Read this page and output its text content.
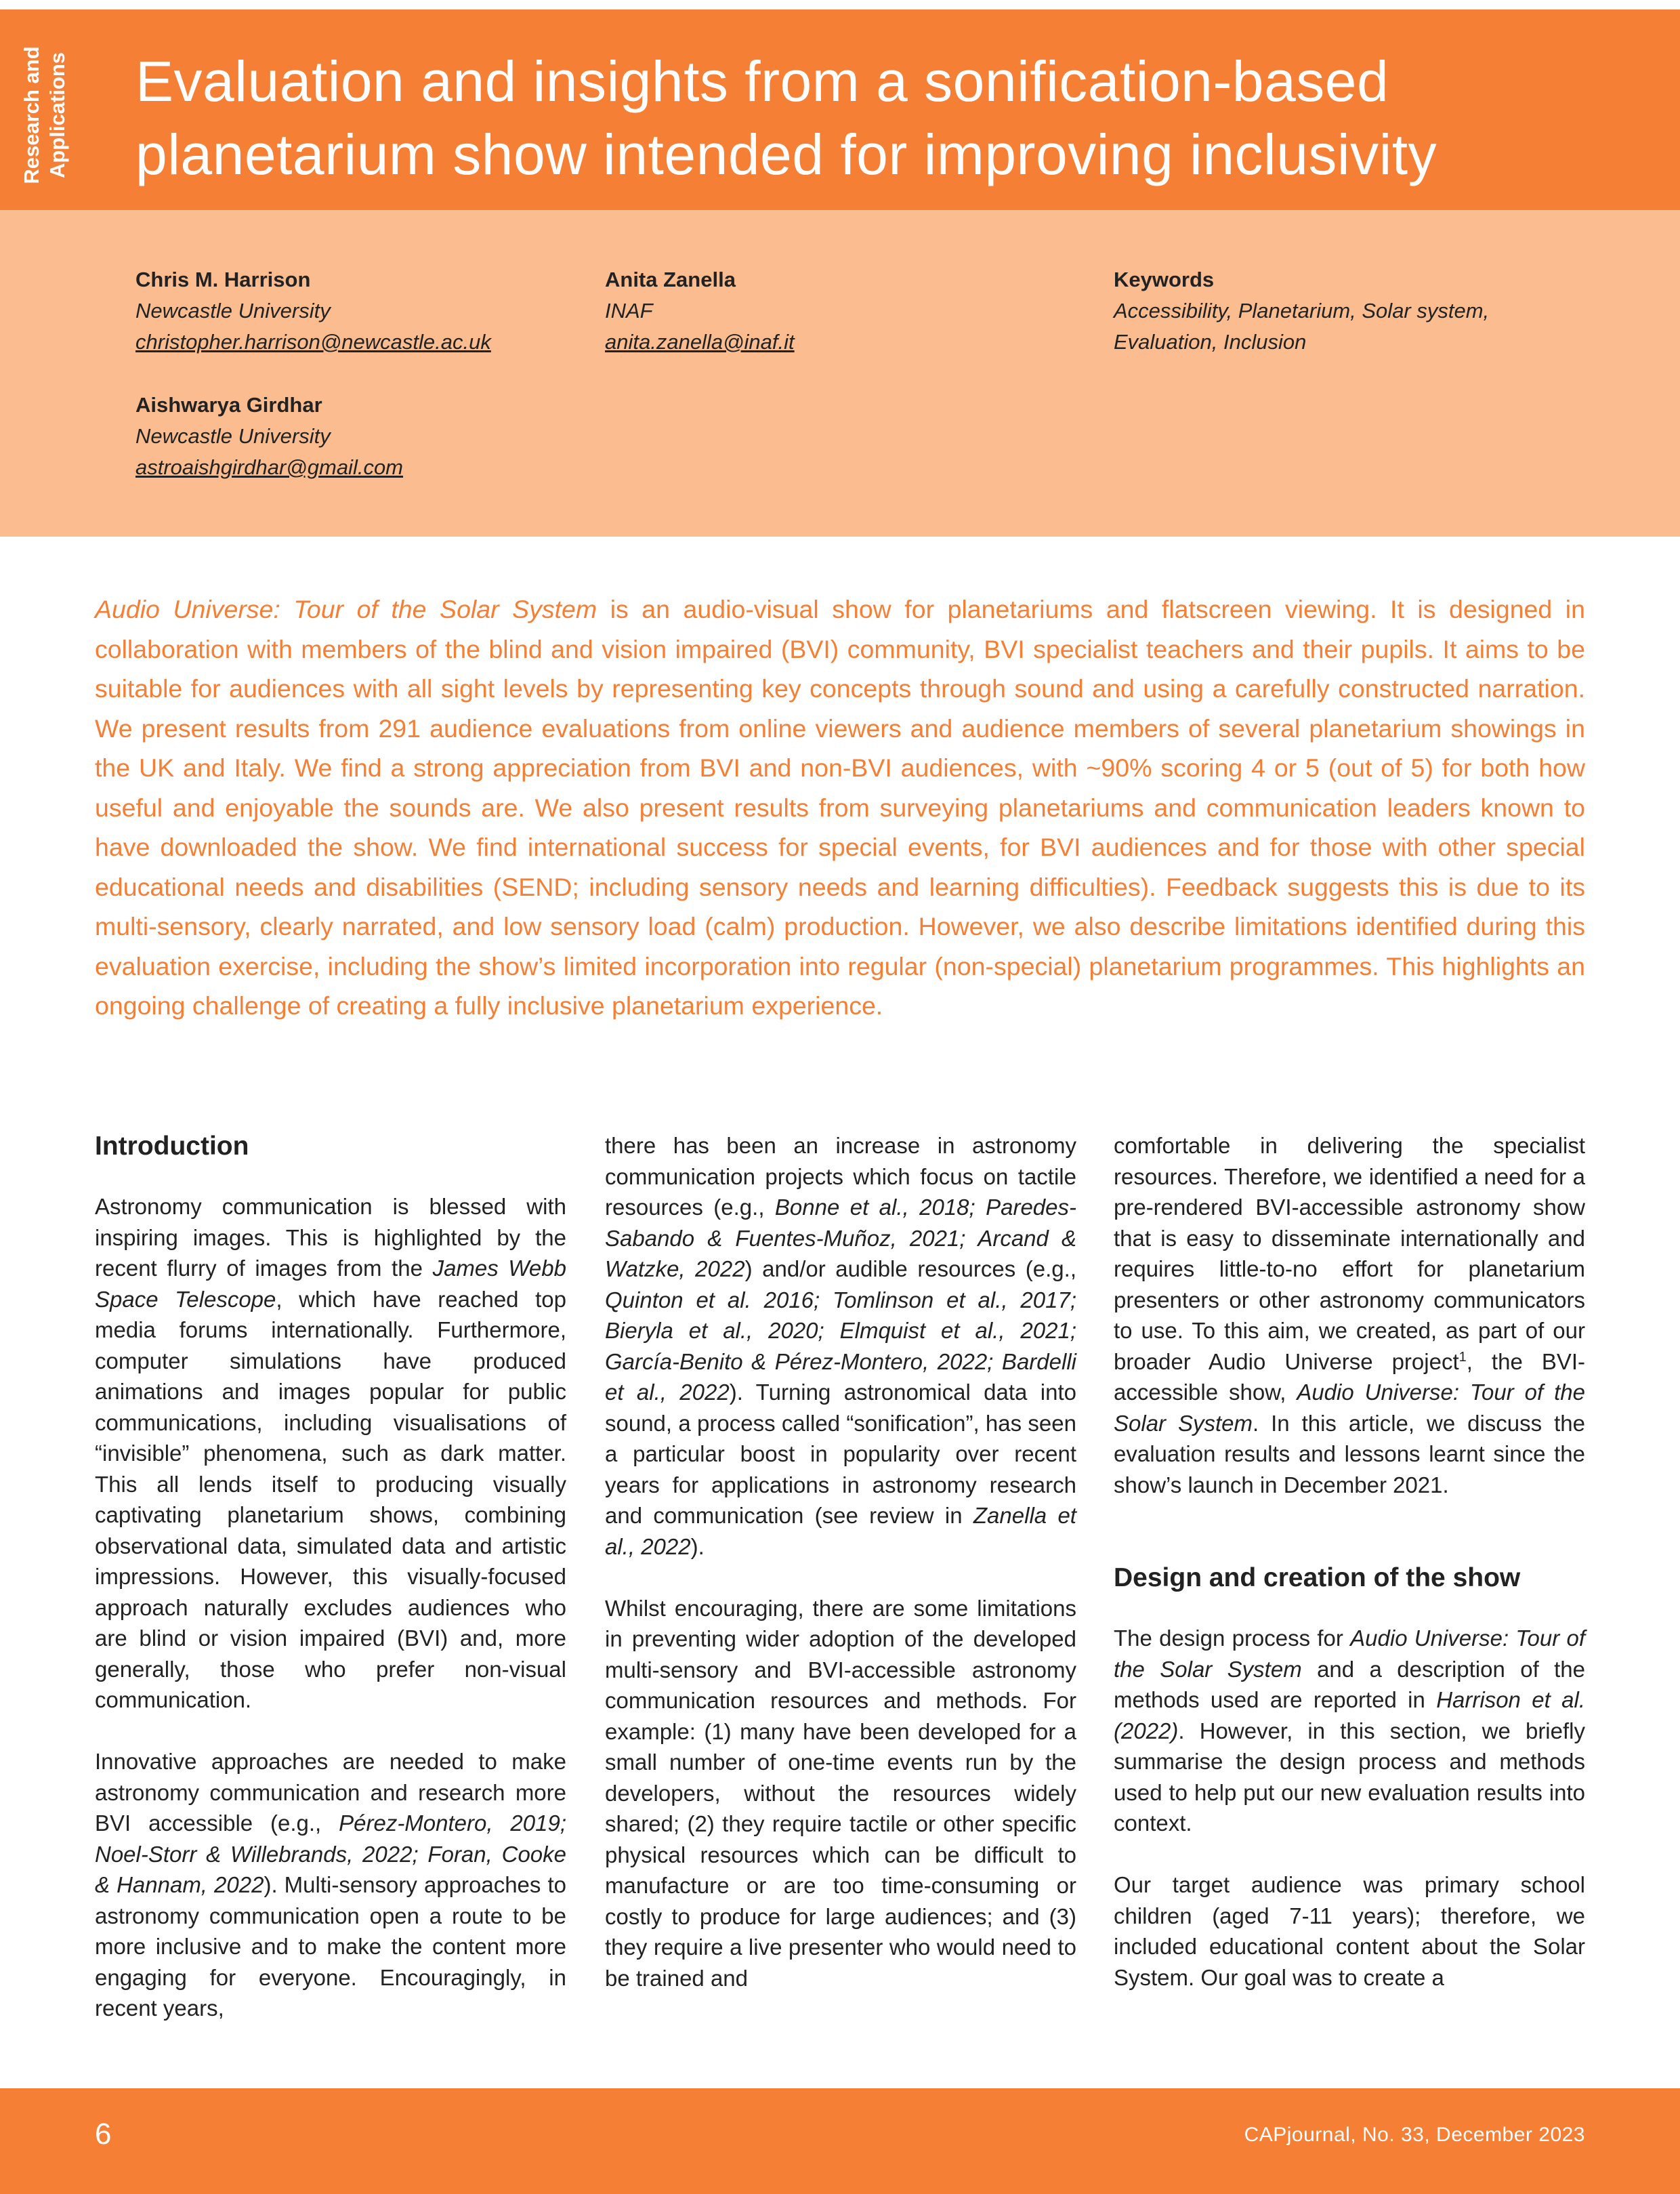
Research and
Applications	Evaluation and insights from a sonification-based planetarium show intended for improving inclusivity
Chris M. Harrison
Newcastle University
christopher.harrison@newcastle.ac.uk
Anita Zanella
INAF
anita.zanella@inaf.it
Keywords
Accessibility, Planetarium, Solar system,
Evaluation, Inclusion
Aishwarya Girdhar
Newcastle University
astroaishgirdhar@gmail.com

Audio Universe: Tour of the Solar System is an audio-visual show for planetariums and flatscreen viewing. It is designed in collaboration with members of the blind and vision impaired (BVI) community, BVI specialist teachers and their pupils. It aims to be suitable for audiences with all sight levels by representing key concepts through sound and using a carefully constructed narration. We present results from 291 audience evaluations from online viewers and audience members of several planetarium showings in the UK and Italy. We find a strong appreciation from BVI and non-BVI audiences, with ~90% scoring 4 or 5 (out of 5) for both how useful and enjoyable the sounds are. We also present results from surveying planetariums and communication leaders known to have downloaded the show. We find international success for special events, for BVI audiences and for those with other special educational needs and disabilities (SEND; including sensory needs and learning difficulties). Feedback suggests this is due to its multi-sensory, clearly narrated, and low sensory load (calm) production. However, we also describe limitations identified during this evaluation exercise, including the show’s limited incorporation into regular (non-special) planetarium programmes. This highlights an ongoing challenge of creating a fully inclusive planetarium experience.

Introduction

Astronomy communication is blessed with inspiring images. This is highlighted by the recent flurry of images from the James Webb Space Telescope, which have reached top media forums internationally. Furthermore, computer simulations have produced animations and images popular for public communications, including visualisations of “invisible” phenomena, such as dark matter. This all lends itself to producing visually captivating planetarium shows, combining observational data, simulated data and artistic impressions. However, this visually-focused approach naturally excludes audiences who are blind or vision impaired (BVI) and, more generally, those who prefer non-visual communication.

Innovative approaches are needed to make astronomy communication and research more BVI accessible (e.g., Pérez-Montero, 2019; Noel-Storr & Willebrands, 2022; Foran, Cooke & Hannam, 2022). Multi-sensory approaches to astronomy communication open a route to be more inclusive and to make the content more engaging for everyone. Encouragingly, in recent years,

there has been an increase in astronomy communication projects which focus on tactile resources (e.g., Bonne et al., 2018; Paredes-Sabando & Fuentes-Muñoz, 2021; Arcand & Watzke, 2022) and/or audible resources (e.g., Quinton et al. 2016; Tomlinson et al., 2017; Bieryla et al., 2020; Elmquist et al., 2021; García-Benito & Pérez-Montero, 2022; Bardelli et al., 2022). Turning astronomical data into sound, a process called “sonification”, has seen a particular boost in popularity over recent years for applications in astronomy research and communication (see review in Zanella et al., 2022).

Whilst encouraging, there are some limitations in preventing wider adoption of the developed multi-sensory and BVI-accessible astronomy communication resources and methods. For example: (1) many have been developed for a small number of one-time events run by the developers, without the resources widely shared; (2) they require tactile or other specific physical resources which can be difficult to manufacture or are too time-consuming or costly to produce for large audiences; and (3) they require a live presenter who would need to be trained and

comfortable in delivering the specialist resources. Therefore, we identified a need for a pre-rendered BVI-accessible astronomy show that is easy to disseminate internationally and requires little-to-no effort for planetarium presenters or other astronomy communicators to use. To this aim, we created, as part of our broader Audio Universe project$^1$, the BVI-accessible show, Audio Universe: Tour of the Solar System. In this article, we discuss the evaluation results and lessons learnt since the show’s launch in December 2021.

Design and creation of the show

The design process for Audio Universe: Tour of the Solar System and a description of the methods used are reported in Harrison et al. (2022). However, in this section, we briefly summarise the design process and methods used to help put our new evaluation results into context.

Our target audience was primary school children (aged 7-11 years); therefore, we included educational content about the Solar System. Our goal was to create a

6	CAPjournal, No. 33, December 2023
